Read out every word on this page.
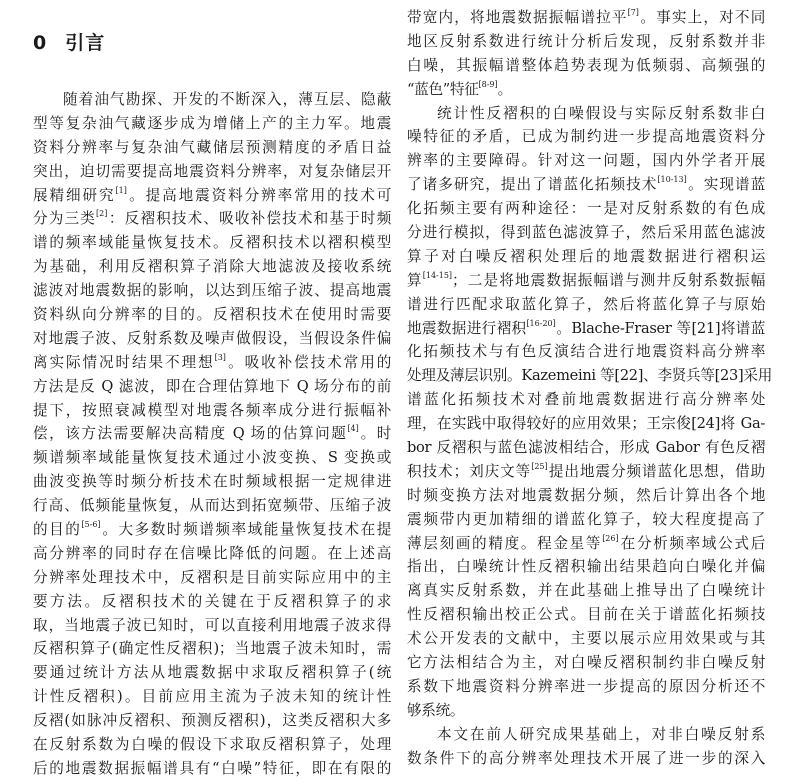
0 引言
随着油气勘探、开发的不断深入，薄互层、隐蔽
型等复杂油气藏逐步成为增储上产的主力军。地震
资料分辨率与复杂油气藏储层预测精度的矛盾日益
突出，迫切需要提高地震资料分辨率，对复杂储层开
展精细研究[1]。提高地震资料分辨率常用的技术可
分为三类[2]：反褶积技术、吸收补偿技术和基于时频
谱的频率域能量恢复技术。反褶积技术以褶积模型
为基础，利用反褶积算子消除大地滤波及接收系统
滤波对地震数据的影响，以达到压缩子波、提高地震
资料纵向分辨率的目的。反褶积技术在使用时需要
对地震子波、反射系数及噪声做假设，当假设条件偏
离实际情况时结果不理想[3]。吸收补偿技术常用的
方法是反 Q 滤波，即在合理估算地下 Q 场分布的前
提下，按照衰减模型对地震各频率成分进行振幅补
偿，该方法需要解决高精度 Q 场的估算问题[4]。时
频谱频率域能量恢复技术通过小波变换、S 变换或
曲波变换等时频分析技术在时频域根据一定规律进
行高、低频能量恢复，从而达到拓宽频带、压缩子波
的目的[5-6]。大多数时频谱频率域能量恢复技术在提
高分辨率的同时存在信噪比降低的问题。在上述高
分辨率处理技术中，反褶积是目前实际应用中的主
要方法。反褶积技术的关键在于反褶积算子的求
取，当地震子波已知时，可以直接利用地震子波求得
反褶积算子(确定性反褶积)；当地震子波未知时，需
要通过统计方法从地震数据中求取反褶积算子(统
计性反褶积)。目前应用主流为子波未知的统计性
反褶(如脉冲反褶积、预测反褶积)，这类反褶积大多
在反射系数为白噪的假设下求取反褶积算子，处理
后的地震数据振幅谱具有“白噪”特征，即在有限的
带宽内，将地震数据振幅谱拉平[7]。事实上，对不同
地区反射系数进行统计分析后发现，反射系数并非
白噪，其振幅谱整体趋势表现为低频弱、高频强的
“蓝色”特征[8-9]。
统计性反褶积的白噪假设与实际反射系数非白
噪特征的矛盾，已成为制约进一步提高地震资料分
辨率的主要障碍。针对这一问题，国内外学者开展
了诸多研究，提出了谱蓝化拓频技术[10-13]。实现谱蓝
化拓频主要有两种途径：一是对反射系数的有色成
分进行模拟，得到蓝色滤波算子，然后采用蓝色滤波
算子对白噪反褶积处理后的地震数据进行褶积运
算[14-15]；二是将地震数据振幅谱与测井反射系数振幅
谱进行匹配求取蓝化算子，然后将蓝化算子与原始
地震数据进行褶积[16-20]。Blache-Fraser 等[21]将谱蓝
化拓频技术与有色反演结合进行地震资料高分辨率
处理及薄层识别。Kazemeini 等[22]、李贤兵等[23]采用
谱蓝化拓频技术对叠前地震数据进行高分辨率处
理，在实践中取得较好的应用效果；王宗俊[24]将 Ga-
bor 反褶积与蓝色滤波相结合，形成 Gabor 有色反褶
积技术；刘庆文等[25]提出地震分频谱蓝化思想，借助
时频变换方法对地震数据分频，然后计算出各个地
震频带内更加精细的谱蓝化算子，较大程度提高了
薄层刻画的精度。程金星等[26]在分析频率域公式后
指出，白噪统计性反褶积输出结果趋向白噪化并偏
离真实反射系数，并在此基础上推导出了白噪统计
性反褶积输出校正公式。目前在关于谱蓝化拓频技
术公开发表的文献中，主要以展示应用效果或与其
它方法相结合为主，对白噪反褶积制约非白噪反射
系数下地震资料分辨率进一步提高的原因分析还不
够系统。
本文在前人研究成果基础上，对非白噪反射系
数条件下的高分辨率处理技术开展了进一步的深入
